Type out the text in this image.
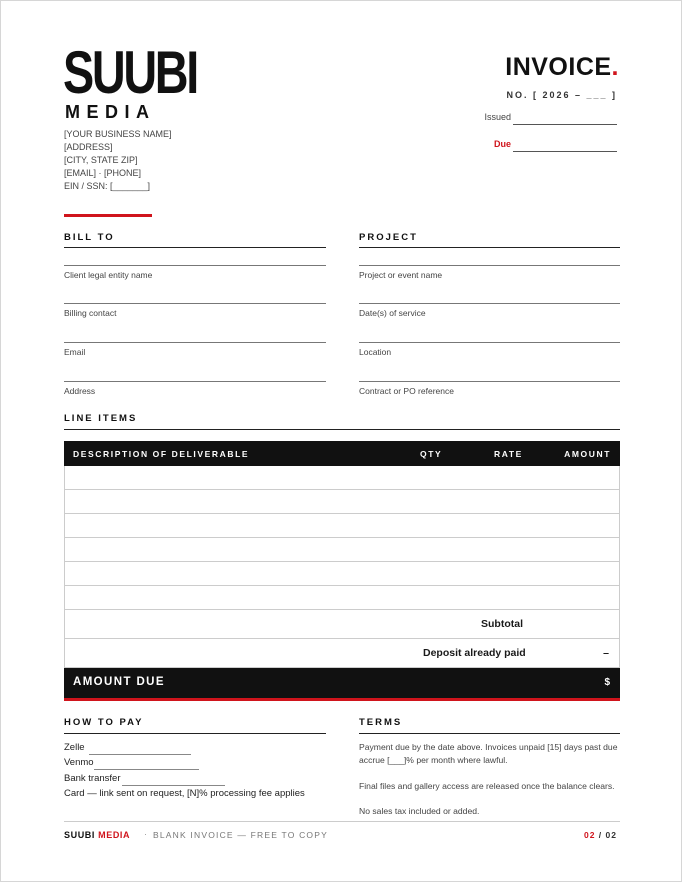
SUUBI
MEDIA
[YOUR BUSINESS NAME]
[ADDRESS]
[CITY, STATE ZIP]
[EMAIL] · [PHONE]
EIN / SSN: [_______]
INVOICE.
NO. [ 2026 – ___ ]
Issued
Due
BILL TO
Client legal entity name
Billing contact
Email
Address
PROJECT
Project or event name
Date(s) of service
Location
Contract or PO reference
LINE ITEMS
DESCRIPTION OF DELIVERABLE	QTY	RATE	AMOUNT
Subtotal
Deposit already paid	–
AMOUNT DUE	$
HOW TO PAY
Zelle
Venmo
Bank transfer
Card — link sent on request, [N]% processing fee applies
TERMS
Payment due by the date above. Invoices unpaid [15] days past due accrue [___]% per month where lawful.
Final files and gallery access are released once the balance clears.
No sales tax included or added.
SUUBI MEDIA · BLANK INVOICE — FREE TO COPY	02 / 02
